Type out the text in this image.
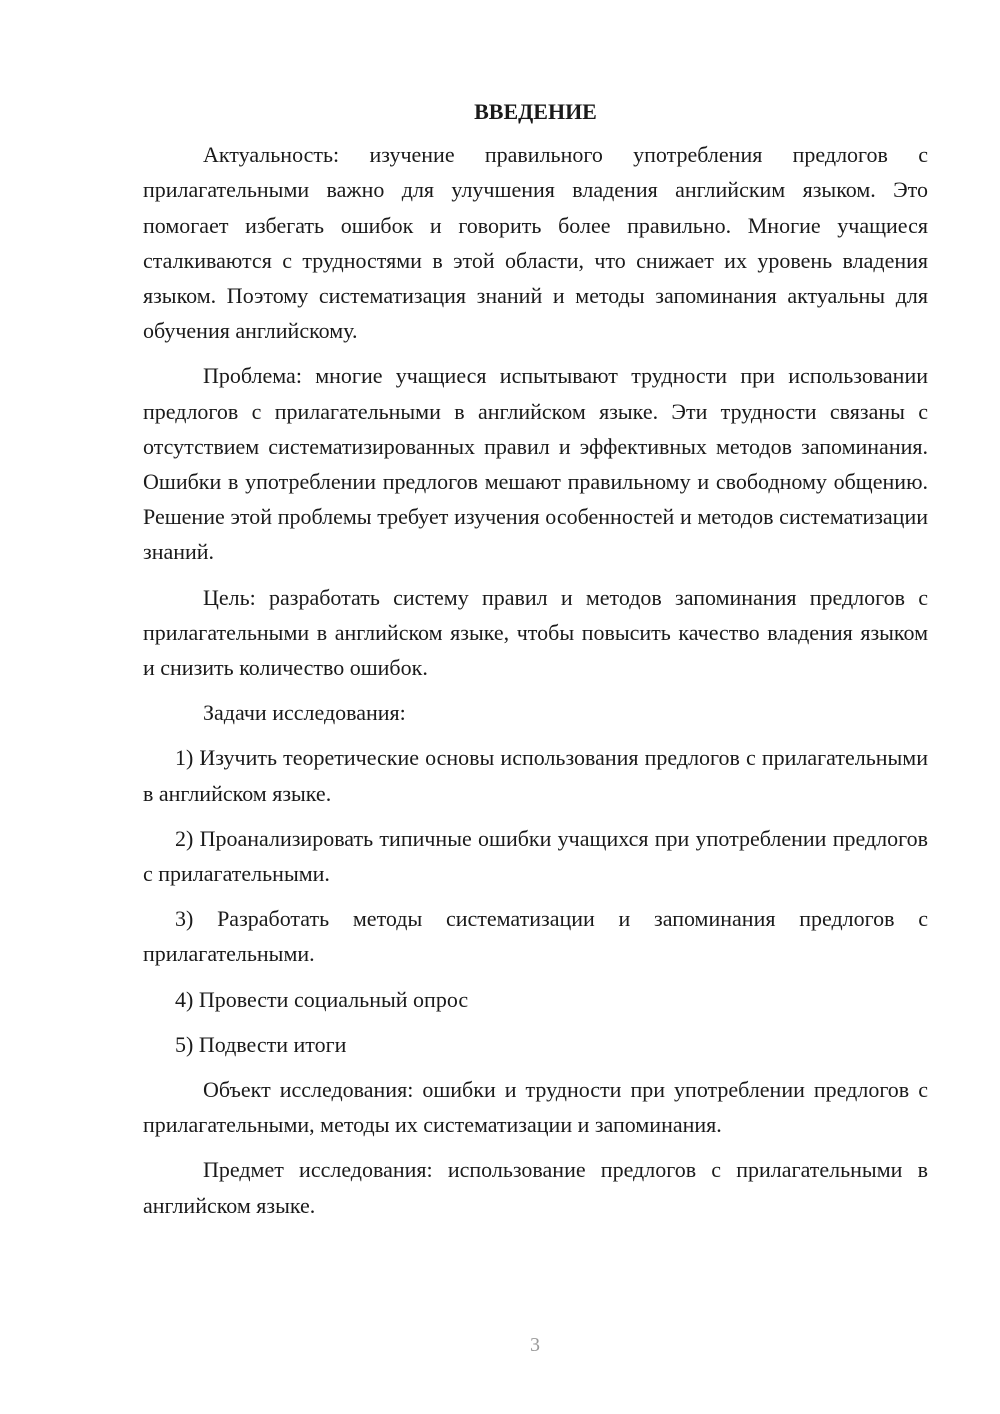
ВВЕДЕНИЕ

Актуальность: изучение правильного употребления предлогов с прилагательными важно для улучшения владения английским языком. Это помогает избегать ошибок и говорить более правильно. Многие учащиеся сталкиваются с трудностями в этой области, что снижает их уровень владения языком. Поэтому систематизация знаний и методы запоминания актуальны для обучения английскому.

Проблема: многие учащиеся испытывают трудности при использовании предлогов с прилагательными в английском языке. Эти трудности связаны с отсутствием систематизированных правил и эффективных методов запоминания. Ошибки в употреблении предлогов мешают правильному и свободному общению. Решение этой проблемы требует изучения особенностей и методов систематизации знаний.

Цель: разработать систему правил и методов запоминания предлогов с прилагательными в английском языке, чтобы повысить качество владения языком и снизить количество ошибок.

Задачи исследования:

1) Изучить теоретические основы использования предлогов с прилагательными в английском языке.

2) Проанализировать типичные ошибки учащихся при употреблении предлогов с прилагательными.

3) Разработать методы систематизации и запоминания предлогов с прилагательными.

4) Провести социальный опрос

5) Подвести итоги

Объект исследования: ошибки и трудности при употреблении предлогов с прилагательными, методы их систематизации и запоминания.

Предмет исследования: использование предлогов с прилагательными в английском языке.

3
